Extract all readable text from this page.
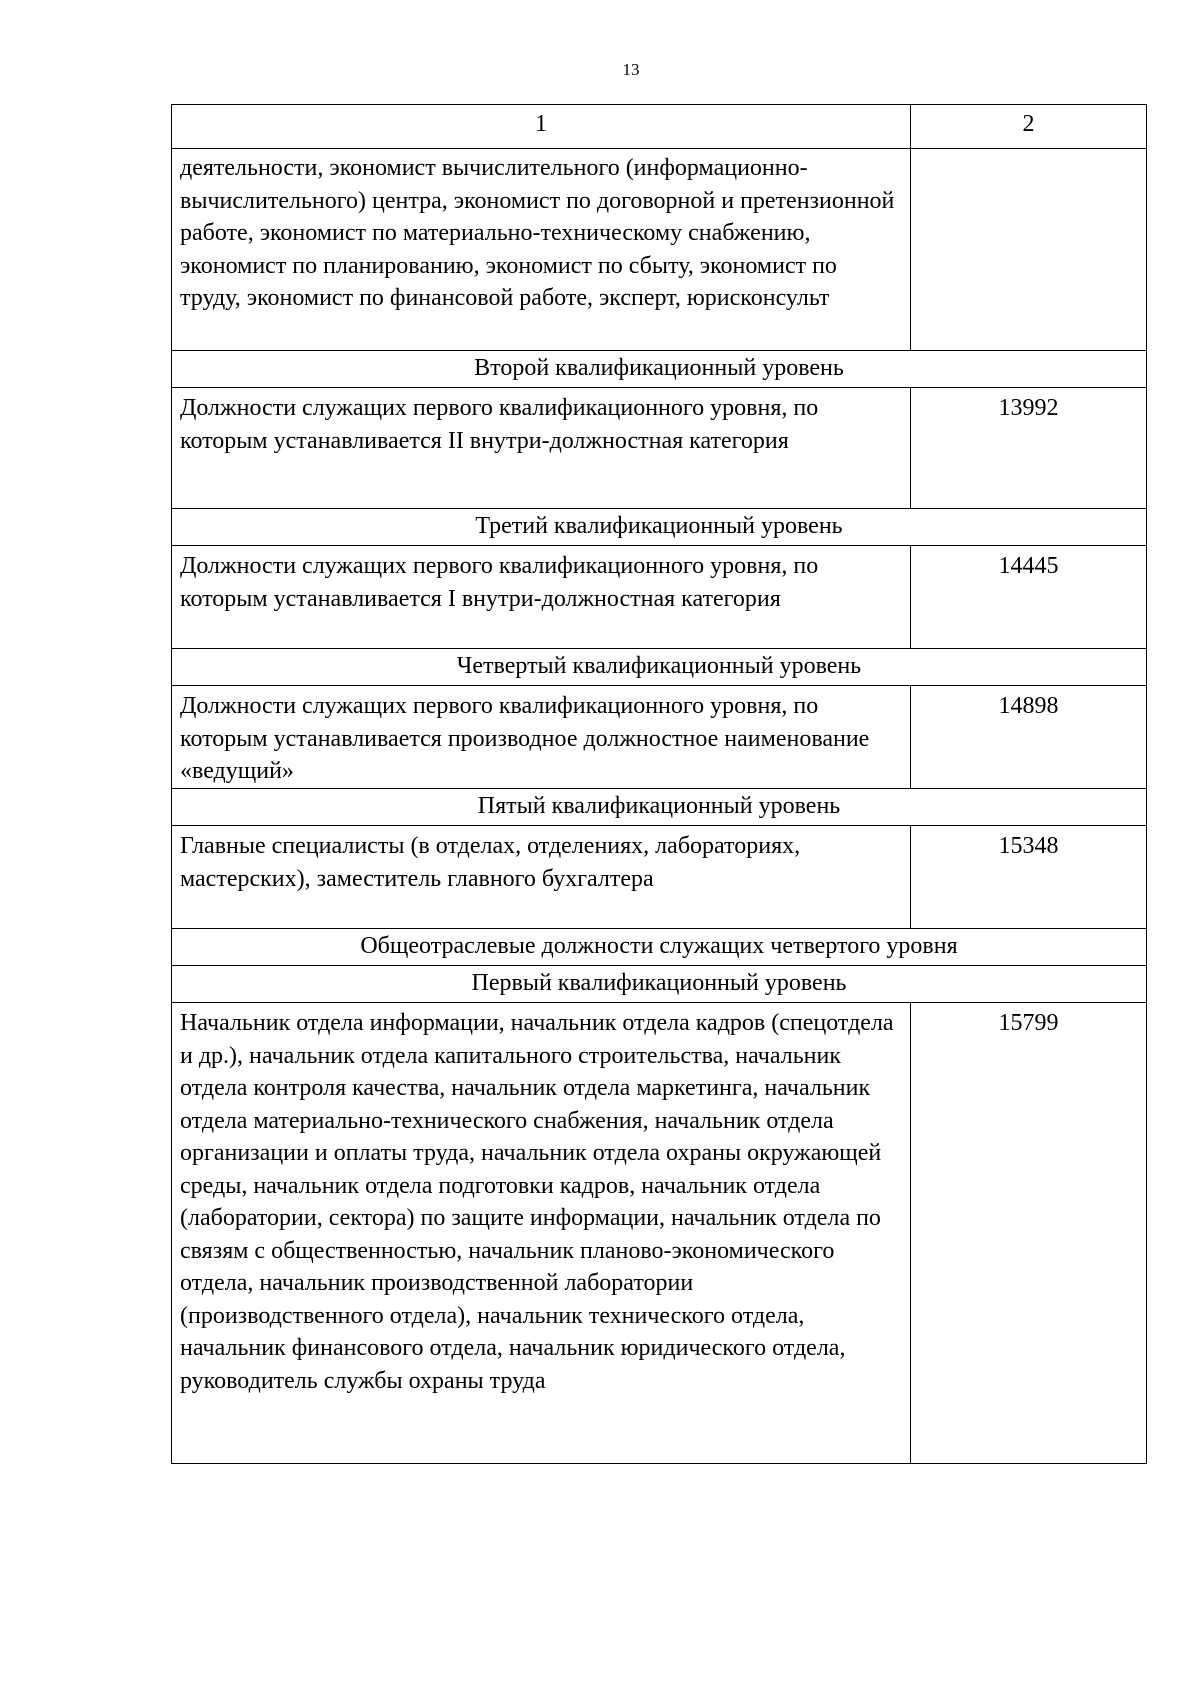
13
1	2
деятельности, экономист вычислительного (информационно-вычислительного) центра, экономист по договорной и претензионной работе, экономист по материально-техническому снабжению, экономист по планированию, экономист по сбыту, экономист по труду, экономист по финансовой работе, эксперт, юрисконсульт	
Второй квалификационный уровень	
Должности служащих первого квалификационного уровня, по которым устанавливается II внутри-должностная категория	13992
Третий квалификационный уровень	
Должности служащих первого квалификационного уровня, по которым устанавливается I внутри-должностная категория	14445
Четвертый квалификационный уровень	
Должности служащих первого квалификационного уровня, по которым устанавливается производное должностное наименование «ведущий»	14898
Пятый квалификационный уровень	
Главные специалисты (в отделах, отделениях, лабораториях, мастерских), заместитель главного бухгалтера	15348
Общеотраслевые должности служащих четвертого уровня	
Первый квалификационный уровень	
Начальник отдела информации, начальник отдела кадров (спецотдела и др.), начальник отдела капитального строительства, начальник отдела контроля качества, начальник отдела маркетинга, начальник отдела материально-технического снабжения, начальник отдела организации и оплаты труда, начальник отдела охраны окружающей среды, начальник отдела подготовки кадров, начальник отдела (лаборатории, сектора) по защите информации, начальник отдела по связям с общественностью, начальник планово-экономического отдела, начальник производственной лаборатории (производственного отдела), начальник технического отдела, начальник финансового отдела, начальник юридического отдела, руководитель службы охраны труда	15799
